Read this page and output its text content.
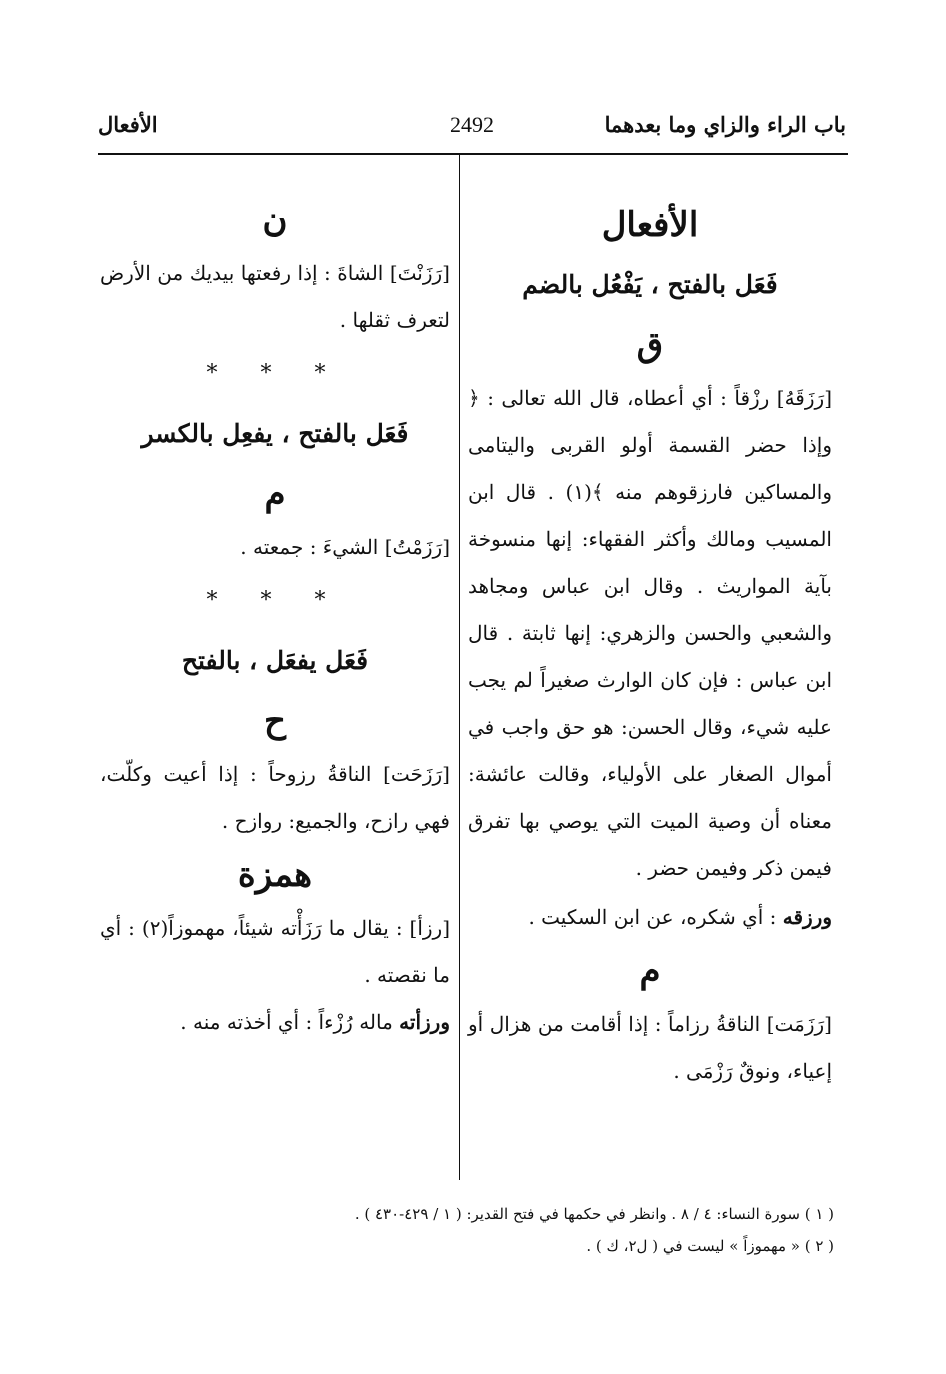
باب الراء والزاي وما بعدهما
2492
الأفعال
الأفعال
فَعَل بالفتح ، يَفْعُل بالضم
ق

[رَزَقَهُ] رزْقاً : أي أعطاه، قال الله تعالى : ﴿ وإذا حضر القسمة أولو القربى واليتامى والمساكين فارزقوهم منه ﴾(١) . قال ابن المسيب ومالك وأكثر الفقهاء: إنها منسوخة بآية المواريث . وقال ابن عباس ومجاهد والشعبي والحسن والزهري: إنها ثابتة . قال ابن عباس : فإن كان الوارث صغيراً لم يجب عليه شيء، وقال الحسن: هو حق واجب في أموال الصغار على الأولياء، وقالت عائشة: معناه أن وصية الميت التي يوصي بها تفرق فيمن ذكر وفيمن حضر .

ورزقه : أي شكره، عن ابن السكيت .

م

[رَزَمَت] الناقةُ رزاماً : إذا أقامت من هزال أو إعياء، ونوقٌ رَزْمَى .

ن

[رَزَنْتَ] الشاةَ : إذا رفعتها بيديك من الأرض لتعرف ثقلها .

* * *
فَعَل بالفتح ، يفعِل بالكسر
م

[رَزَمْتُ] الشيءَ : جمعته .

* * *
فَعَل يفعَل ، بالفتح
ح

[رَزَحَت] الناقةُ رزوحاً : إذا أعيت وكلّت، فهي رازح، والجميع: روازح .

همزة

[رزأ] : يقال ما رَزَأْته شيئاً، مهموزاً(٢) : أي ما نقصته .

ورزأته ماله رُزْءاً : أي أخذته منه .

( ١ ) سورة النساء: ٤ / ٨ . وانظر في حكمها في فتح القدير: ( ١ / ٤٢٩-٤٣٠ ) .
( ٢ ) « مهموزاً » ليست في ( ل٢، ك ) .
